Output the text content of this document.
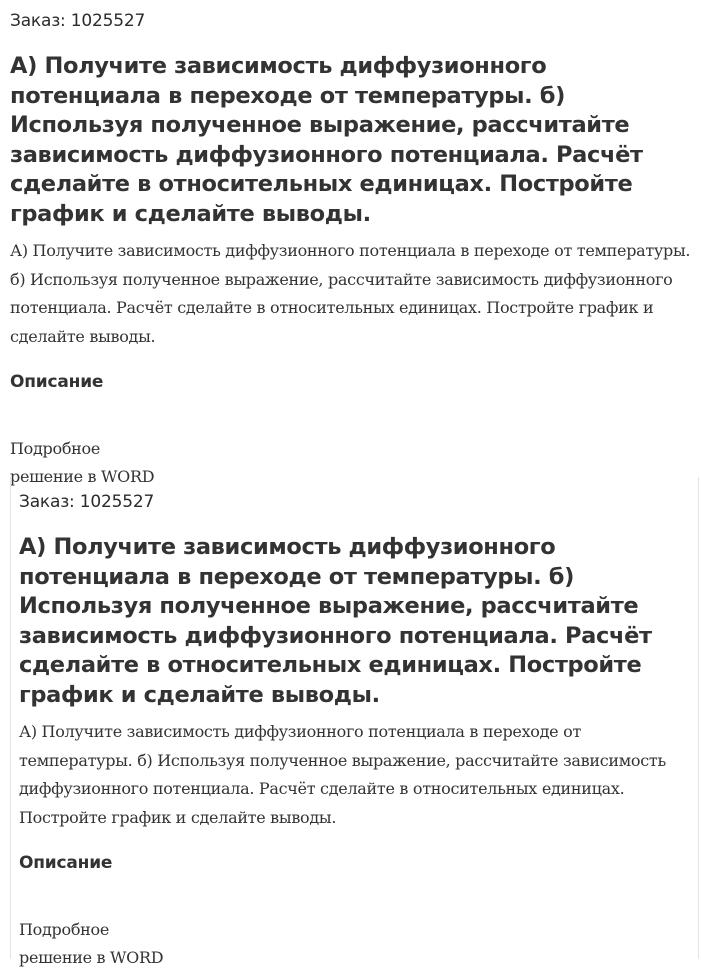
Заказ: 1025527
А) Получите зависимость диффузионного потенциала в переходе от температуры. б) Используя полученное выражение, рассчитайте зависимость диффузионного потенциала. Расчёт сделайте в относительных единицах. Постройте график и сделайте выводы.

А) Получите зависимость диффузионного потенциала в переходе от температуры. б) Используя полученное выражение, рассчитайте зависимость диффузионного потенциала. Расчёт сделайте в относительных единицах. Постройте график и сделайте выводы.

Описание

Подробное
решение в WORD

Заказ: 1025527
А) Получите зависимость диффузионного потенциала в переходе от температуры. б) Используя полученное выражение, рассчитайте зависимость диффузионного потенциала. Расчёт сделайте в относительных единицах. Постройте график и сделайте выводы.

А) Получите зависимость диффузионного потенциала в переходе от температуры. б) Используя полученное выражение, рассчитайте зависимость диффузионного потенциала. Расчёт сделайте в относительных единицах. Постройте график и сделайте выводы.

Описание

Подробное
решение в WORD
